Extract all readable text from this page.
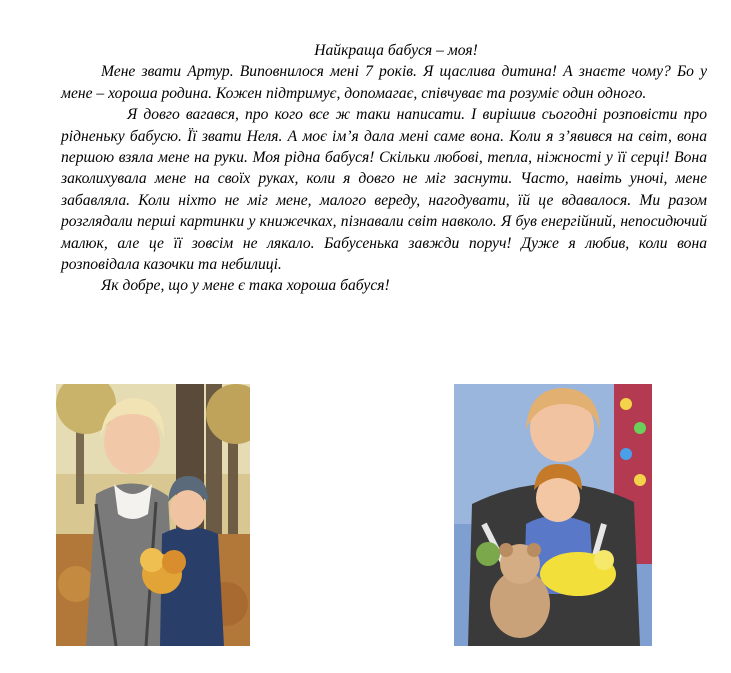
Найкраща бабуся – моя!

Мене звати Артур. Виповнилося мені 7 років. Я щаслива дитина! А знаєте чому? Бо у мене – хороша родина. Кожен підтримує, допомагає, співчуває та розуміє один одного.

Я довго вагався, про кого все ж таки написати. І вирішив сьогодні розповісти про рідненьку бабусю. Її звати Неля. А моє ім’я дала мені саме вона. Коли я з’явився на світ, вона першою взяла мене на руки. Моя рідна бабуся! Скільки любові, тепла, ніжності у її серці! Вона заколихувала мене на своїх руках, коли я довго не міг заснути. Часто, навіть уночі, мене забавляла. Коли ніхто не міг мене, малого вереду, нагодувати, їй це вдавалося. Ми разом розглядали перші картинки у книжечках, пізнавали світ навколо. Я був енергійний, непосидючий малюк, але це її зовсім не лякало. Бабусенька завжди поруч! Дуже я любив, коли вона розповідала казочки та небилиці.

Як добре, що у мене є така хороша бабуся!
